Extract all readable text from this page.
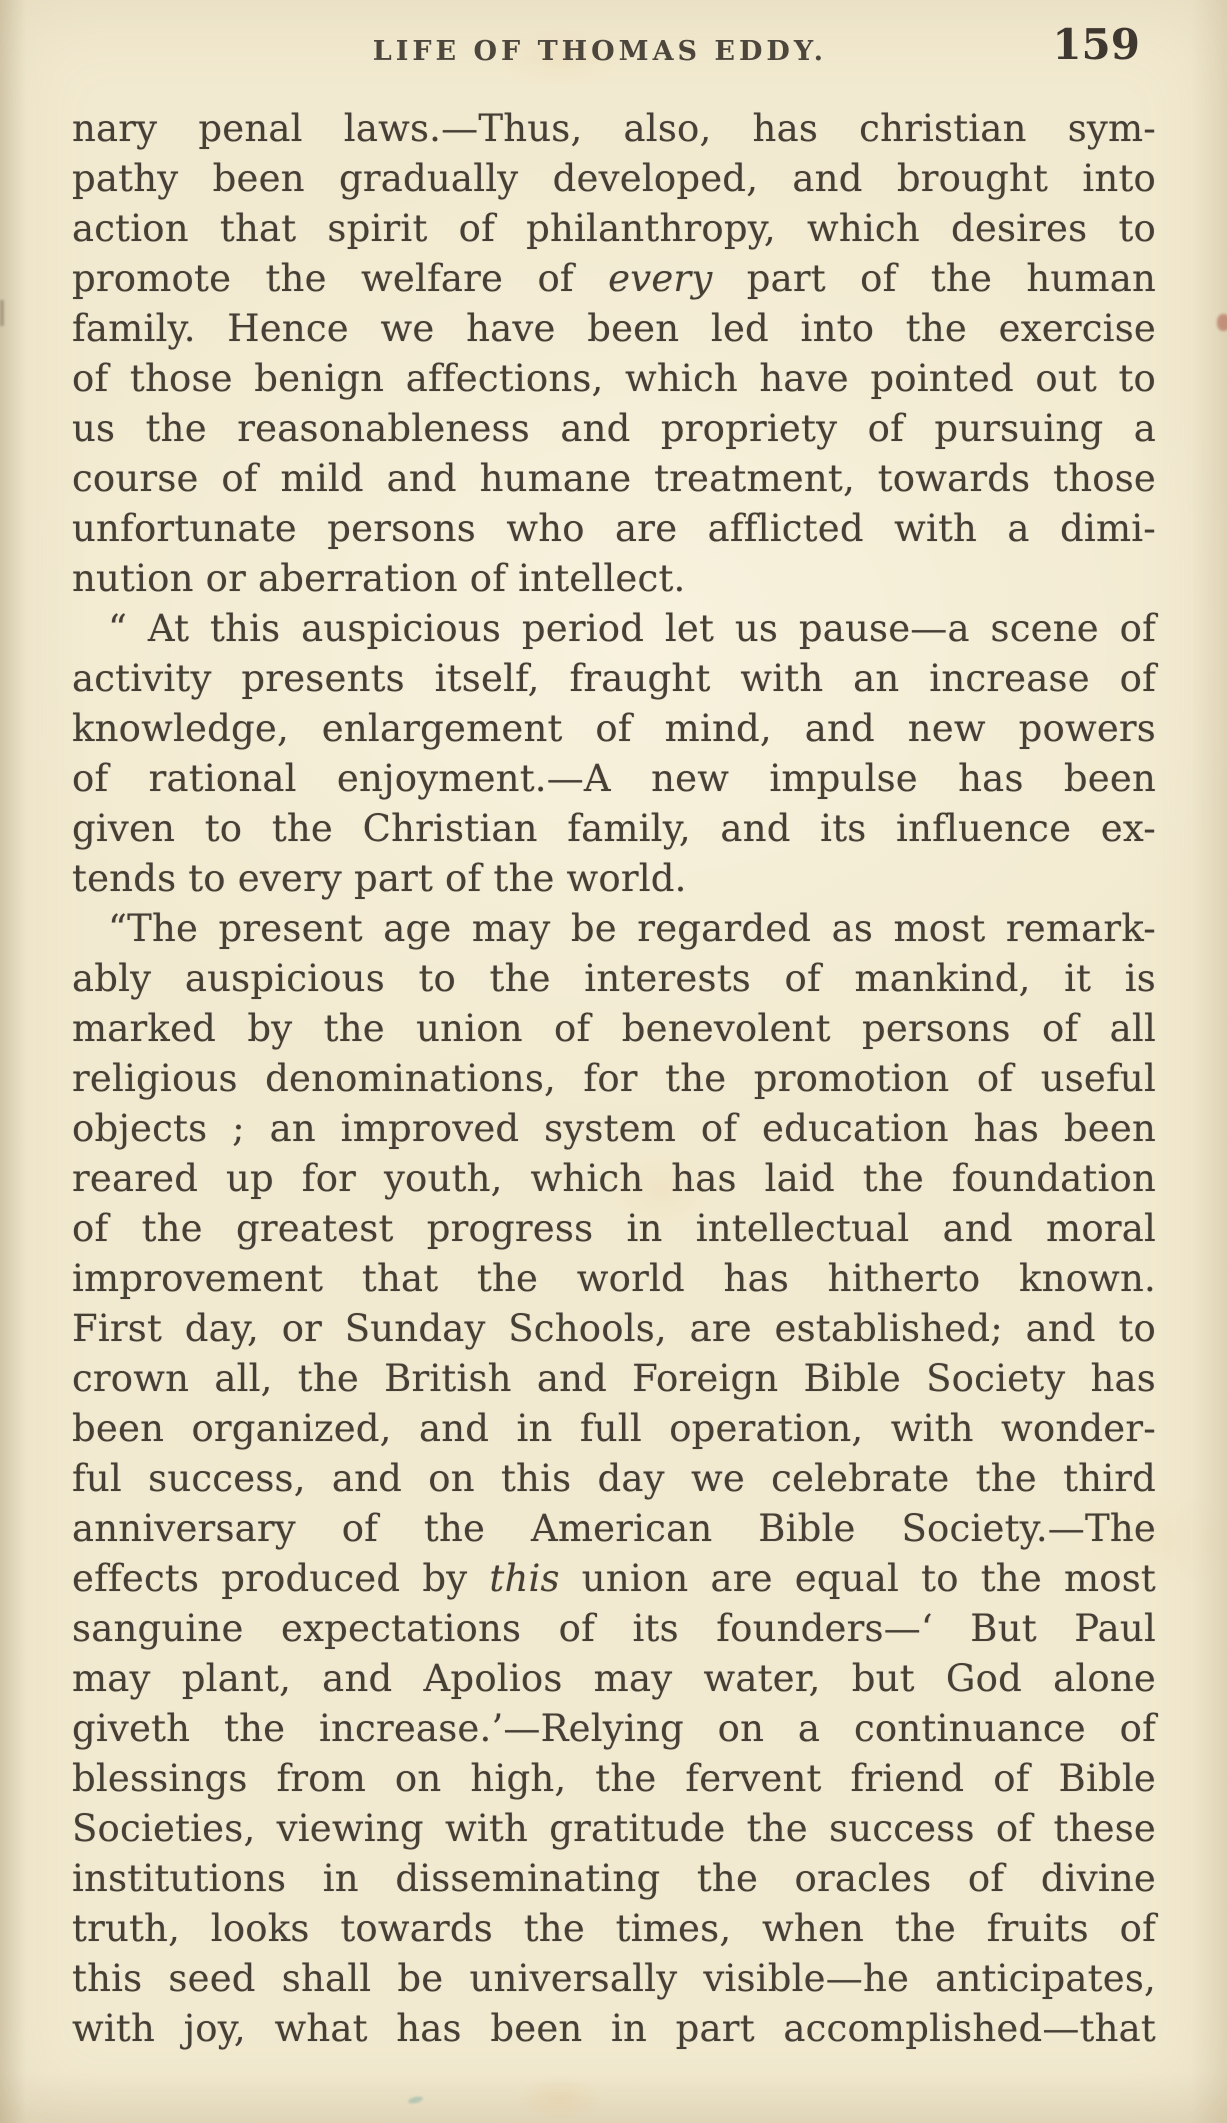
LIFE OF THOMAS EDDY.	159
nary penal laws.—Thus, also, has christian sym-
pathy been gradually developed, and brought into
action that spirit of philanthropy, which desires to
promote the welfare of every part of the human
family. Hence we have been led into the exercise
of those benign affections, which have pointed out to
us the reasonableness and propriety of pursuing a
course of mild and humane treatment, towards those
unfortunate persons who are afflicted with a dimi-
nution or aberration of intellect.
“ At this auspicious period let us pause—a scene of
activity presents itself, fraught with an increase of
knowledge, enlargement of mind, and new powers
of rational enjoyment.—A new impulse has been
given to the Christian family, and its influence ex-
tends to every part of the world.
“The present age may be regarded as most remark-
ably auspicious to the interests of mankind, it is
marked by the union of benevolent persons of all
religious denominations, for the promotion of useful
objects ; an improved system of education has been
reared up for youth, which has laid the foundation
of the greatest progress in intellectual and moral
improvement that the world has hitherto known.
First day, or Sunday Schools, are established; and to
crown all, the British and Foreign Bible Society has
been organized, and in full operation, with wonder-
ful success, and on this day we celebrate the third
anniversary of the American Bible Society.—The
effects produced by this union are equal to the most
sanguine expectations of its founders—‘ But Paul
may plant, and Apolios may water, but God alone
giveth the increase.’—Relying on a continuance of
blessings from on high, the fervent friend of Bible
Societies, viewing with gratitude the success of these
institutions in disseminating the oracles of divine
truth, looks towards the times, when the fruits of
this seed shall be universally visible—he anticipates,
with joy, what has been in part accomplished—that
